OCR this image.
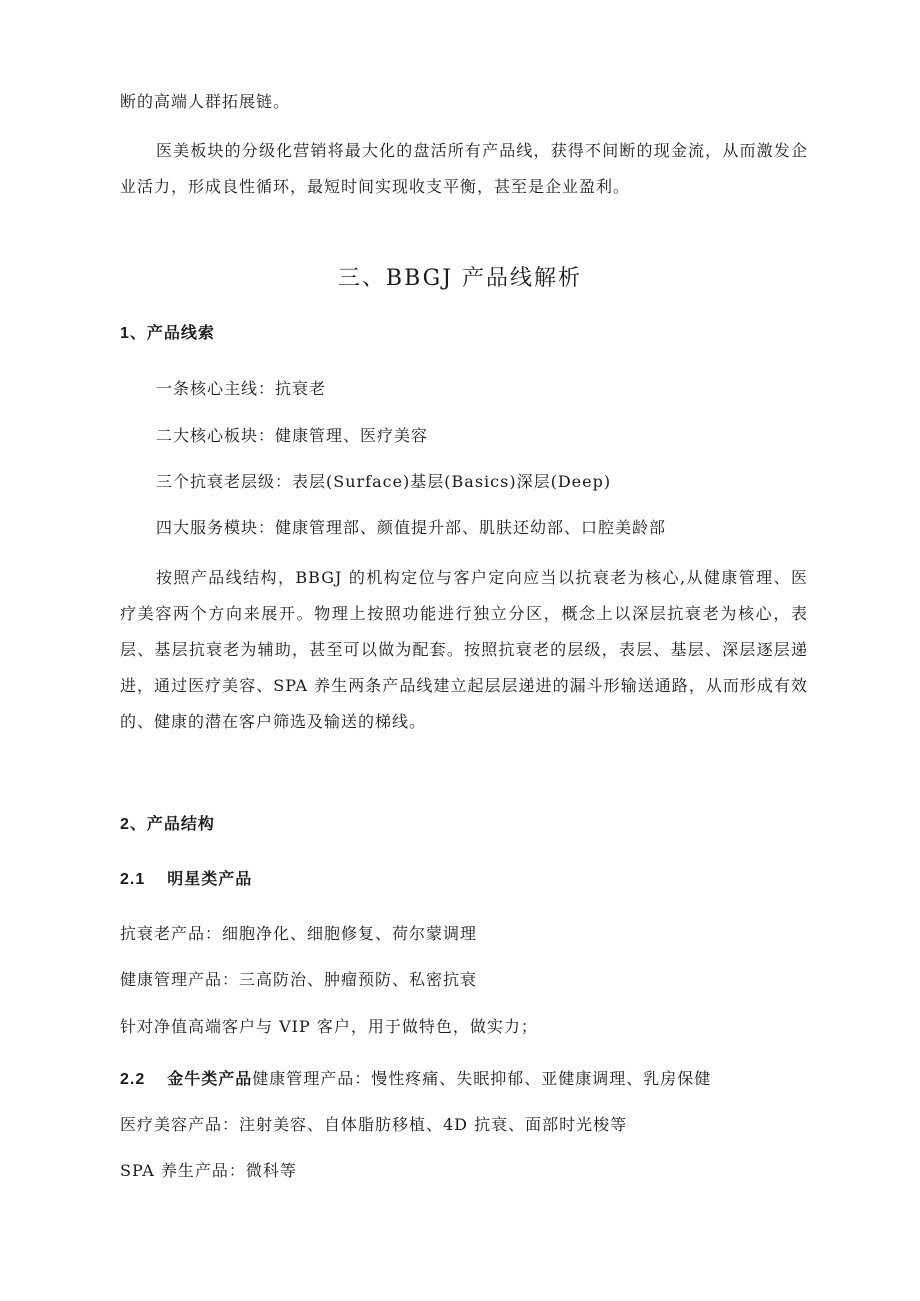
断的高端人群拓展链。
医美板块的分级化营销将最大化的盘活所有产品线，获得不间断的现金流，从而激发企业活力，形成良性循环，最短时间实现收支平衡，甚至是企业盈利。
三、BBGJ 产品线解析
1、产品线索
一条核心主线：抗衰老
二大核心板块：健康管理、医疗美容
三个抗衰老层级：表层(Surface)基层(Basics)深层(Deep)
四大服务模块：健康管理部、颜值提升部、肌肤还幼部、口腔美龄部
按照产品线结构，BBGJ 的机构定位与客户定向应当以抗衰老为核心,从健康管理、医疗美容两个方向来展开。物理上按照功能进行独立分区，概念上以深层抗衰老为核心，表层、基层抗衰老为辅助，甚至可以做为配套。按照抗衰老的层级，表层、基层、深层逐层递进，通过医疗美容、SPA 养生两条产品线建立起层层递进的漏斗形输送通路，从而形成有效的、健康的潜在客户筛选及输送的梯线。
2、产品结构
2.1 明星类产品
抗衰老产品：细胞净化、细胞修复、荷尔蒙调理
健康管理产品：三高防治、肿瘤预防、私密抗衰
针对净值高端客户与 VIP 客户，用于做特色，做实力；
2.2 金牛类产品健康管理产品：慢性疼痛、失眠抑郁、亚健康调理、乳房保健
医疗美容产品：注射美容、自体脂肪移植、4D 抗衰、面部时光梭等
SPA 养生产品：微科等
